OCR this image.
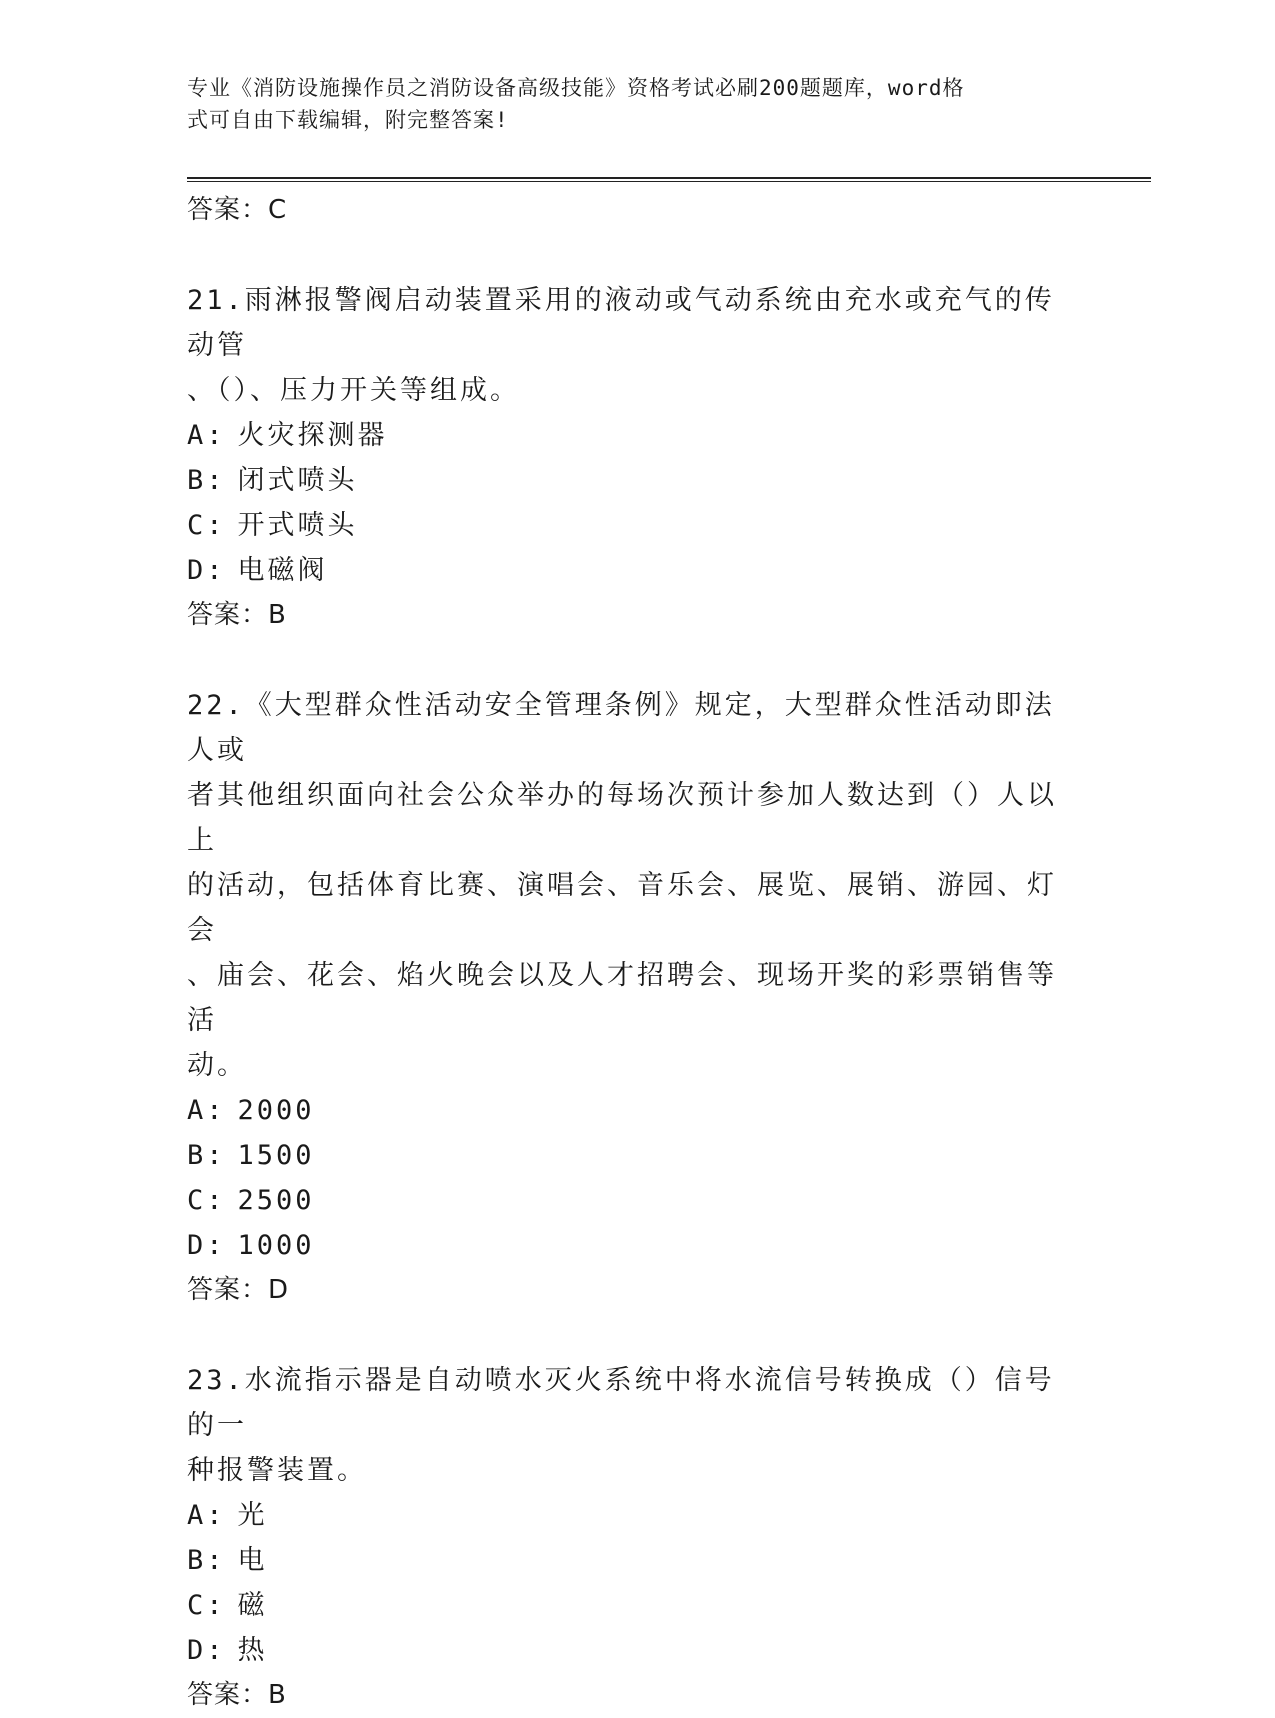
专业《消防设施操作员之消防设备高级技能》资格考试必刷200题题库，word格
式可自由下载编辑，附完整答案!
答案：C
21.雨淋报警阀启动装置采用的液动或气动系统由充水或充气的传动管
、（）、压力开关等组成。
A: 火灾探测器
B: 闭式喷头
C: 开式喷头
D: 电磁阀
答案：B
22.《大型群众性活动安全管理条例》规定，大型群众性活动即法人或
者其他组织面向社会公众举办的每场次预计参加人数达到（）人以上
的活动，包括体育比赛、演唱会、音乐会、展览、展销、游园、灯会
、庙会、花会、焰火晚会以及人才招聘会、现场开奖的彩票销售等活
动。
A: 2000
B: 1500
C: 2500
D: 1000
答案：D
23.水流指示器是自动喷水灭火系统中将水流信号转换成（）信号的一
种报警装置。
A: 光
B: 电
C: 磁
D: 热
答案：B
